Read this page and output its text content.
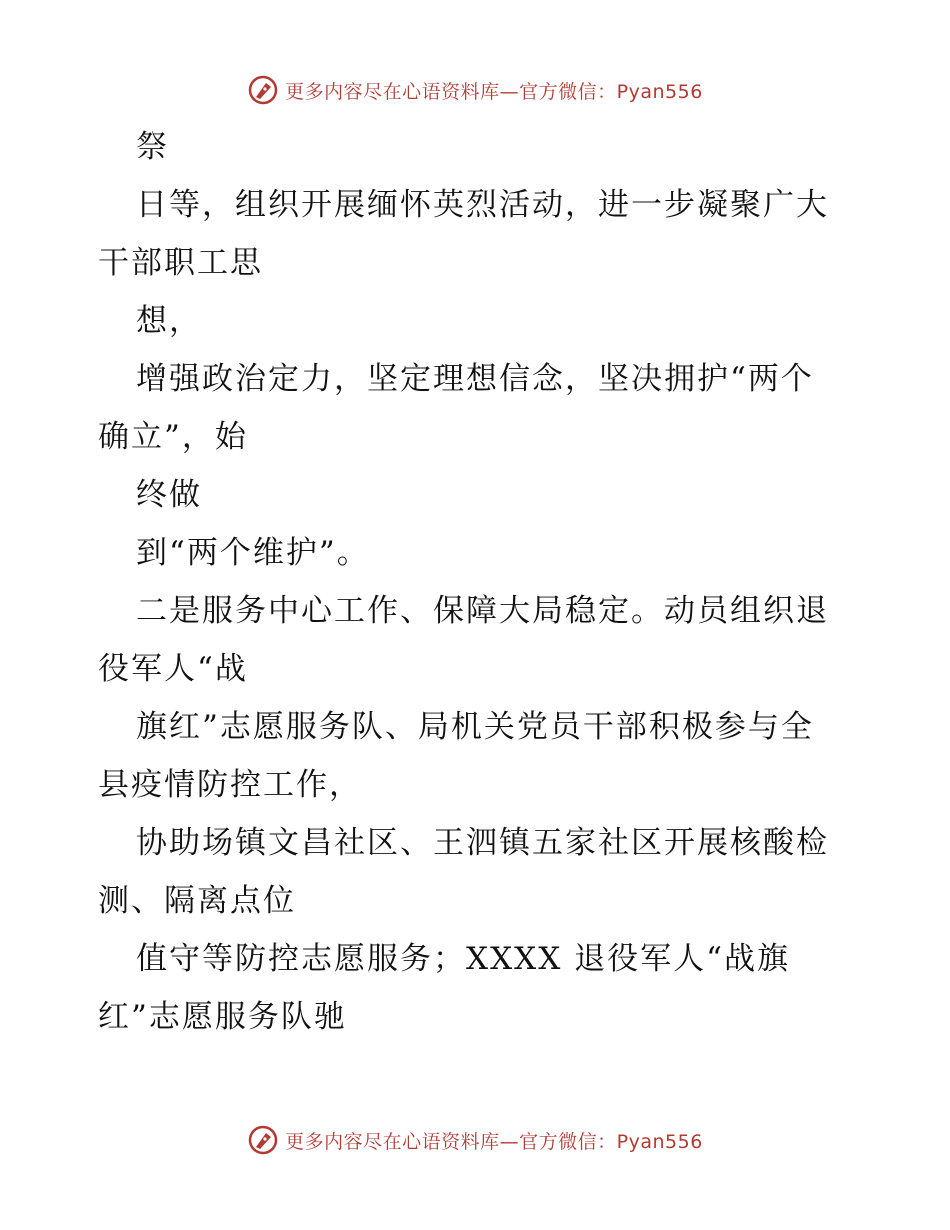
更多内容尽在心语资料库—官方微信：Pyan556

祭

日等，组织开展缅怀英烈活动，进一步凝聚广大

干部职工思

想，

增强政治定力，坚定理想信念，坚决拥护“两个

确立”，始

终做

到“两个维护”。

二是服务中心工作、保障大局稳定。动员组织退

役军人“战

旗红”志愿服务队、局机关党员干部积极参与全

县疫情防控工作，

协助场镇文昌社区、王泗镇五家社区开展核酸检

测、隔离点位

值守等防控志愿服务；XXXX 退役军人“战旗

红”志愿服务队驰

更多内容尽在心语资料库—官方微信：Pyan556
